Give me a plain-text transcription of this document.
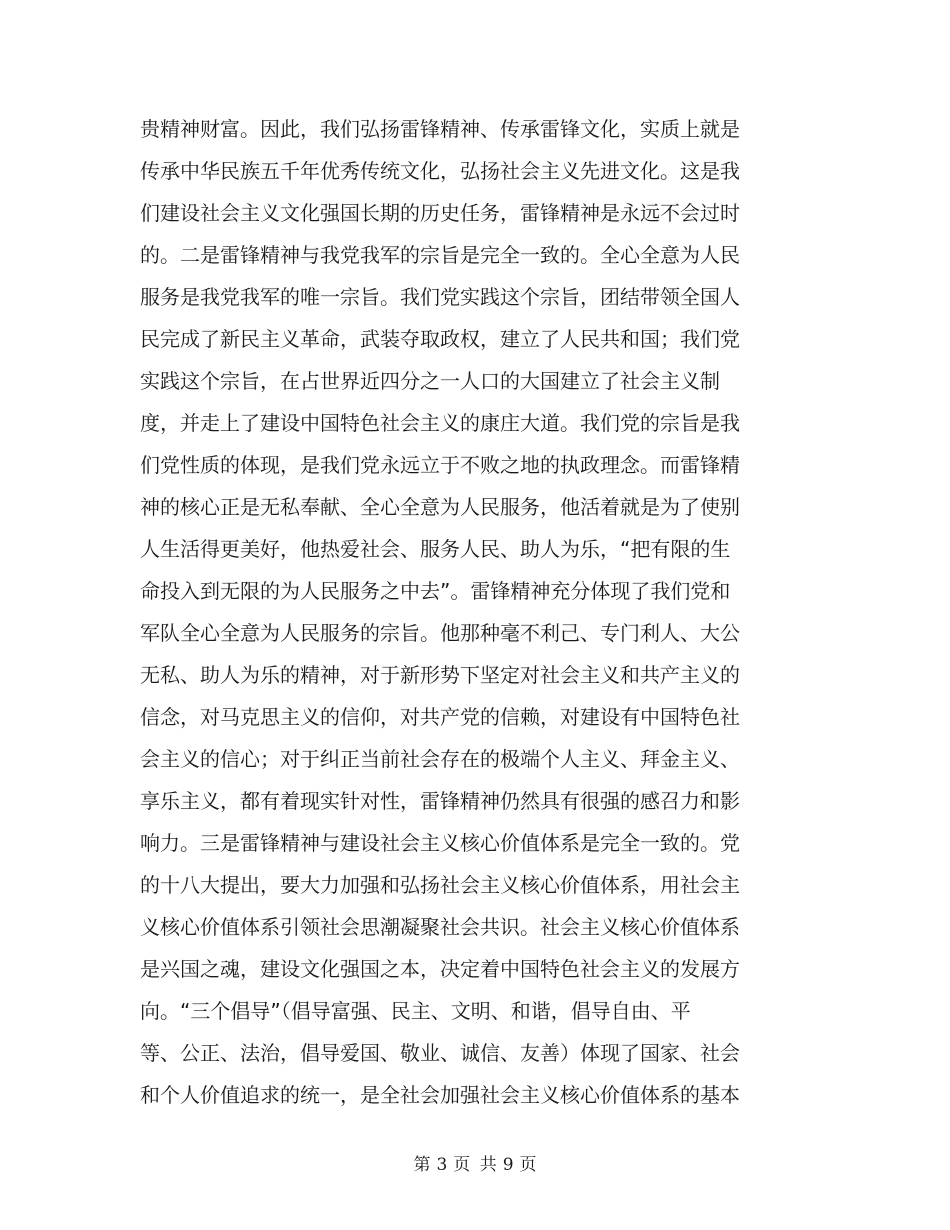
贵精神财富。因此，我们弘扬雷锋精神、传承雷锋文化，实质上就是
传承中华民族五千年优秀传统文化，弘扬社会主义先进文化。这是我
们建设社会主义文化强国长期的历史任务，雷锋精神是永远不会过时
的。二是雷锋精神与我党我军的宗旨是完全一致的。全心全意为人民
服务是我党我军的唯一宗旨。我们党实践这个宗旨，团结带领全国人
民完成了新民主义革命，武装夺取政权，建立了人民共和国；我们党
实践这个宗旨，在占世界近四分之一人口的大国建立了社会主义制
度，并走上了建设中国特色社会主义的康庄大道。我们党的宗旨是我
们党性质的体现，是我们党永远立于不败之地的执政理念。而雷锋精
神的核心正是无私奉献、全心全意为人民服务，他活着就是为了使别
人生活得更美好，他热爱社会、服务人民、助人为乐，“把有限的生
命投入到无限的为人民服务之中去”。雷锋精神充分体现了我们党和
军队全心全意为人民服务的宗旨。他那种毫不利己、专门利人、大公
无私、助人为乐的精神，对于新形势下坚定对社会主义和共产主义的
信念，对马克思主义的信仰，对共产党的信赖，对建设有中国特色社
会主义的信心；对于纠正当前社会存在的极端个人主义、拜金主义、
享乐主义，都有着现实针对性，雷锋精神仍然具有很强的感召力和影
响力。三是雷锋精神与建设社会主义核心价值体系是完全一致的。党
的十八大提出，要大力加强和弘扬社会主义核心价值体系，用社会主
义核心价值体系引领社会思潮凝聚社会共识。社会主义核心价值体系
是兴国之魂，建设文化强国之本，决定着中国特色社会主义的发展方
向。“三个倡导”（倡导富强、民主、文明、和谐，倡导自由、平
等、公正、法治，倡导爱国、敬业、诚信、友善）体现了国家、社会
和个人价值追求的统一，是全社会加强社会主义核心价值体系的基本
第 3 页 共 9 页
